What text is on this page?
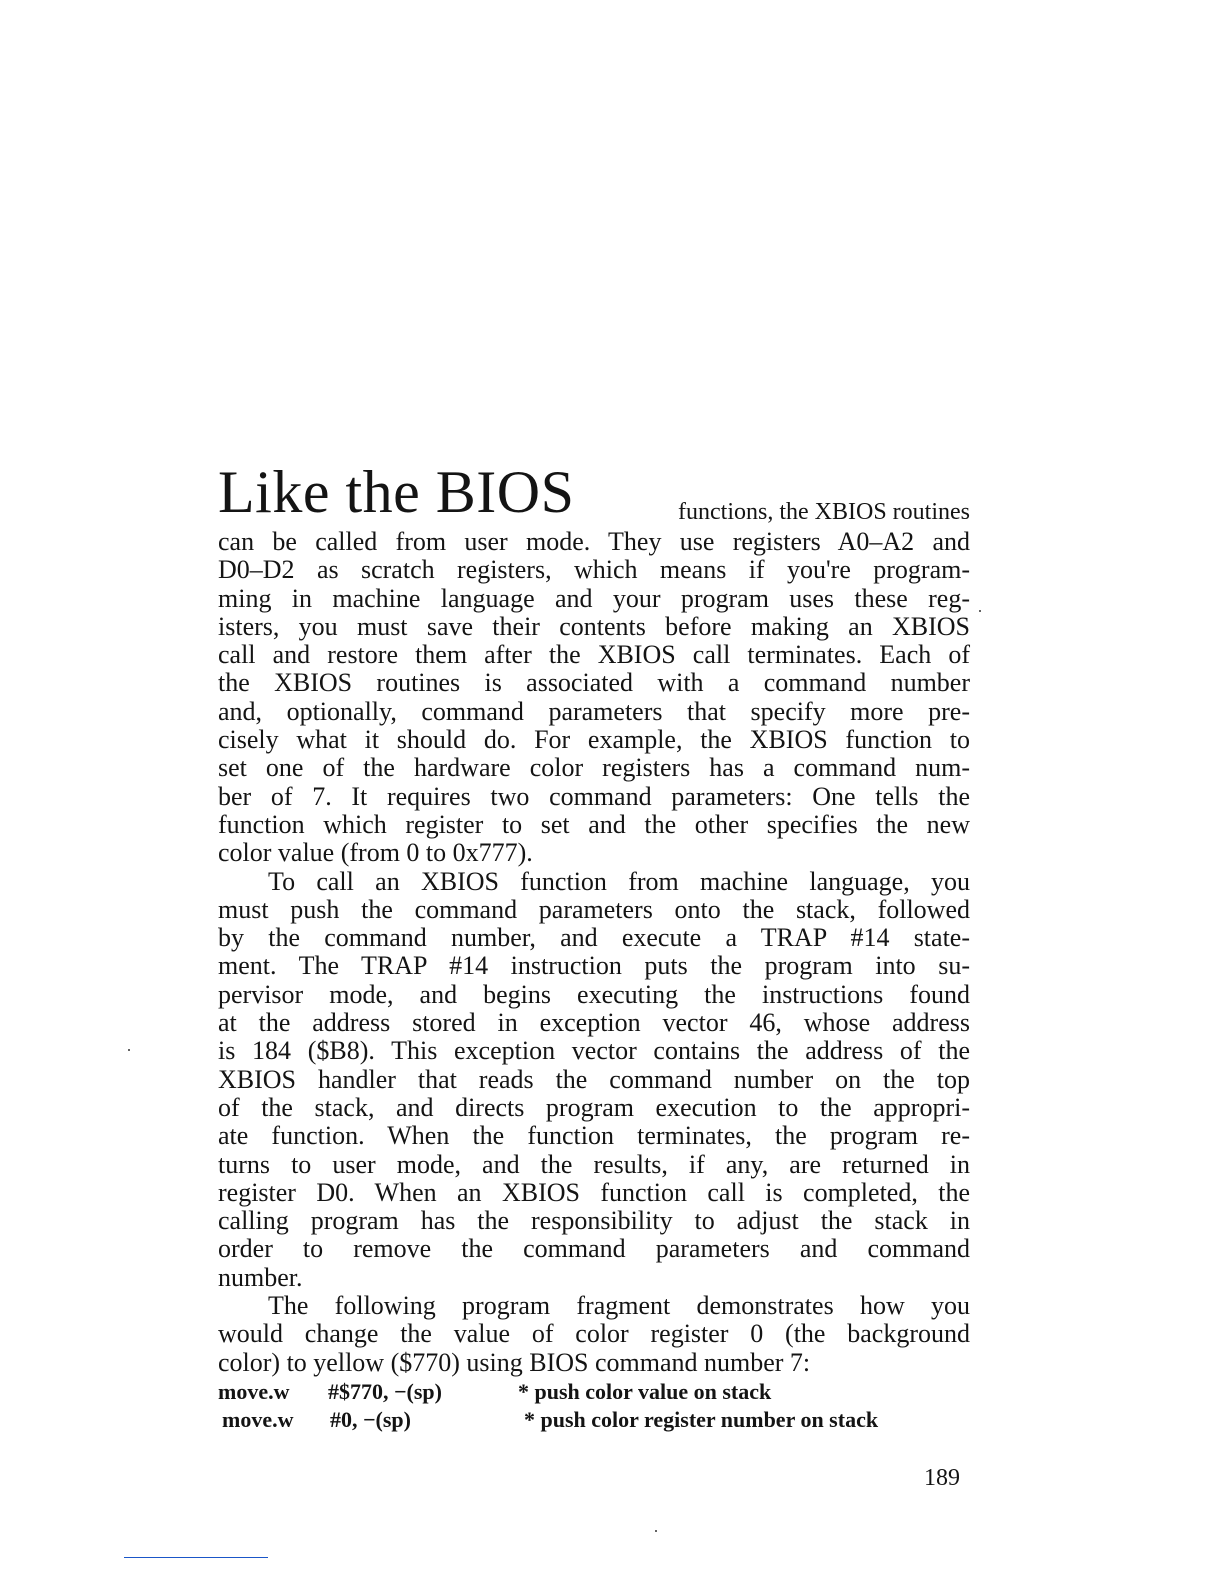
Like the BIOS	functions, the XBIOS routines
can be called from user mode. They use registers A0–A2 and
D0–D2 as scratch registers, which means if you're program-
ming in machine language and your program uses these reg-
isters, you must save their contents before making an XBIOS
call and restore them after the XBIOS call terminates. Each of
the XBIOS routines is associated with a command number
and, optionally, command parameters that specify more pre-
cisely what it should do. For example, the XBIOS function to
set one of the hardware color registers has a command num-
ber of 7. It requires two command parameters: One tells the
function which register to set and the other specifies the new
color value (from 0 to 0x777).
To call an XBIOS function from machine language, you
must push the command parameters onto the stack, followed
by the command number, and execute a TRAP #14 state-
ment. The TRAP #14 instruction puts the program into su-
pervisor mode, and begins executing the instructions found
at the address stored in exception vector 46, whose address
is 184 ($B8). This exception vector contains the address of the
XBIOS handler that reads the command number on the top
of the stack, and directs program execution to the appropri-
ate function. When the function terminates, the program re-
turns to user mode, and the results, if any, are returned in
register D0. When an XBIOS function call is completed, the
calling program has the responsibility to adjust the stack in
order to remove the command parameters and command
number.
The following program fragment demonstrates how you
would change the value of color register 0 (the background
color) to yellow ($770) using BIOS command number 7:
move.w #$770, −(sp)	* push color value on stack
move.w #0, −(sp)	* push color register number on stack
189
